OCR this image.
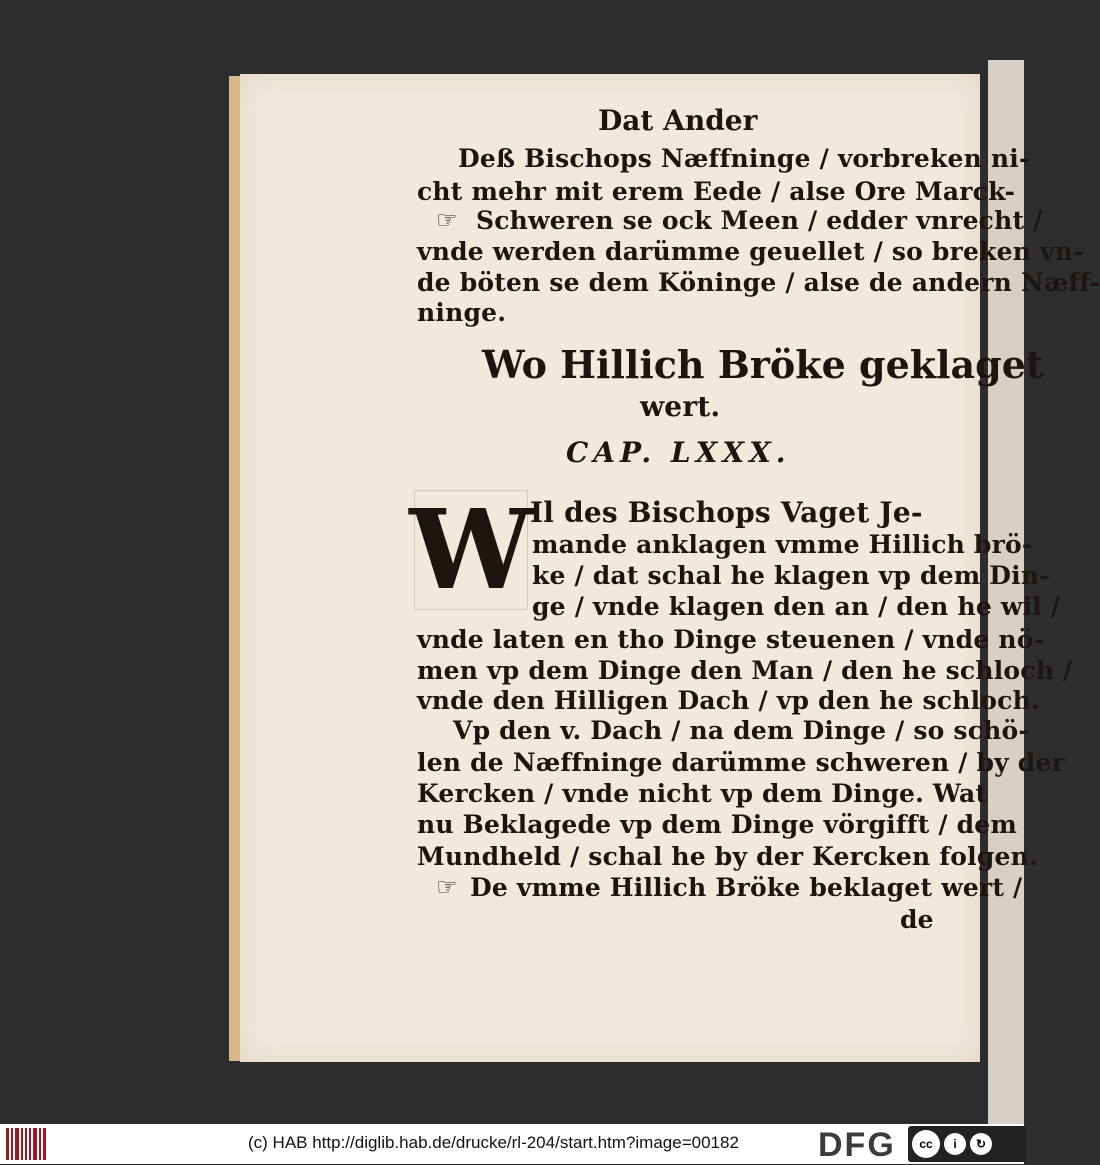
Dat Ander
Deß Bischops Næffninge / vorbreken ni-
cht mehr mit erem Eede / alse Ore Marck-
☞ Schweren se ock Meen / edder vnrecht /
vnde werden darümme geuellet / so breken vn-
de böten se dem Köninge / alse de andern Næff-
ninge.
Wo Hillich Bröke geklaget
wert.
CAP. LXXX.
W
Il des Bischops Vaget Je-
mande anklagen vmme Hillich brö-
ke / dat schal he klagen vp dem Din-
ge / vnde klagen den an / den he wil /
vnde laten en tho Dinge steuenen / vnde nö-
men vp dem Dinge den Man / den he schloch /
vnde den Hilligen Dach / vp den he schloch.
Vp den v. Dach / na dem Dinge / so schö-
len de Næffninge darümme schweren / by der
Kercken / vnde nicht vp dem Dinge. Wat
nu Beklagede vp dem Dinge vörgifft / dem
Mundheld / schal he by der Kercken folgen.
☞ De vmme Hillich Bröke beklaget wert /
de
(c) HAB http://diglib.hab.de/drucke/rl-204/start.htm?image=00182 DFG	cc	i	↻
